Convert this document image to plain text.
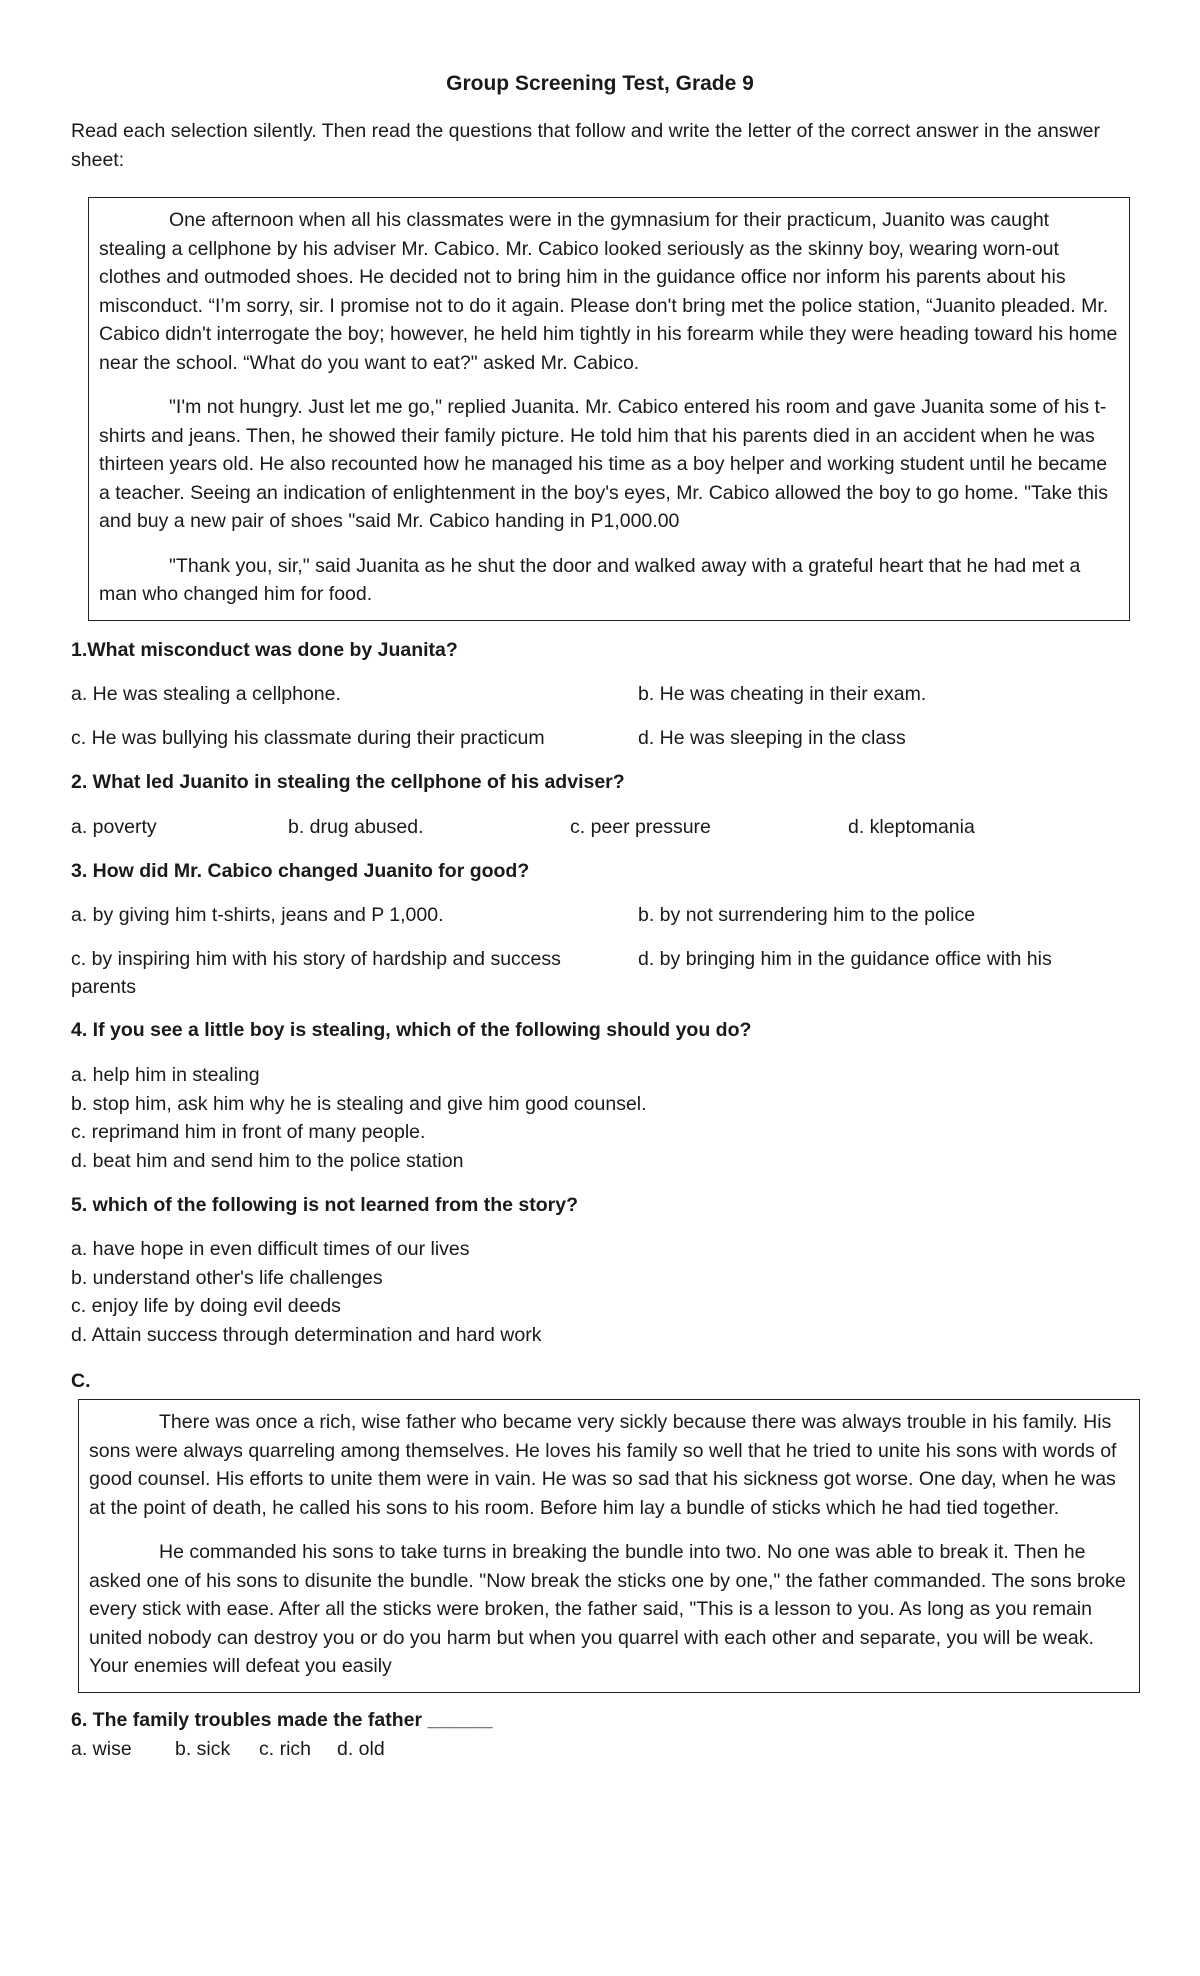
Group Screening Test, Grade 9
Read each selection silently. Then read the questions that follow and write the letter of the correct answer in the answer sheet:

One afternoon when all his classmates were in the gymnasium for their practicum, Juanito was caught stealing a cellphone by his adviser Mr. Cabico. Mr. Cabico looked seriously as the skinny boy, wearing worn-out clothes and outmoded shoes. He decided not to bring him in the guidance office nor inform his parents about his misconduct. “I’m sorry, sir. I promise not to do it again. Please don't bring met the police station, “Juanito pleaded. Mr. Cabico didn't interrogate the boy; however, he held him tightly in his forearm while they were heading toward his home near the school. “What do you want to eat?" asked Mr. Cabico.

"I'm not hungry. Just let me go," replied Juanita. Mr. Cabico entered his room and gave Juanita some of his t-shirts and jeans. Then, he showed their family picture. He told him that his parents died in an accident when he was thirteen years old. He also recounted how he managed his time as a boy helper and working student until he became a teacher. Seeing an indication of enlightenment in the boy's eyes, Mr. Cabico allowed the boy to go home. "Take this and buy a new pair of shoes "said Mr. Cabico handing in P1,000.00

"Thank you, sir," said Juanita as he shut the door and walked away with a grateful heart that he had met a man who changed him for food.

1.What misconduct was done by Juanita?
a. He was stealing a cellphone.	b. He was cheating in their exam.
c. He was bullying his classmate during their practicum	d. He was sleeping in the class
2. What led Juanito in stealing the cellphone of his adviser?
a. poverty	b. drug abused.	c. peer pressure	d. kleptomania
3. How did Mr. Cabico changed Juanito for good?
a. by giving him t-shirts, jeans and P 1,000.	b. by not surrendering him to the police
c. by inspiring him with his story of hardship and success	d. by bringing him in the guidance office with his
parents
4. If you see a little boy is stealing, which of the following should you do?
a. help him in stealing
b. stop him, ask him why he is stealing and give him good counsel.
c. reprimand him in front of many people.
d. beat him and send him to the police station
5. which of the following is not learned from the story?
a. have hope in even difficult times of our lives
b. understand other's life challenges
c. enjoy life by doing evil deeds
d. Attain success through determination and hard work
C.

There was once a rich, wise father who became very sickly because there was always trouble in his family. His sons were always quarreling among themselves. He loves his family so well that he tried to unite his sons with words of good counsel. His efforts to unite them were in vain. He was so sad that his sickness got worse. One day, when he was at the point of death, he called his sons to his room. Before him lay a bundle of sticks which he had tied together.

He commanded his sons to take turns in breaking the bundle into two. No one was able to break it. Then he asked one of his sons to disunite the bundle. "Now break the sticks one by one," the father commanded. The sons broke every stick with ease. After all the sticks were broken, the father said, "This is a lesson to you. As long as you remain united nobody can destroy you or do you harm but when you quarrel with each other and separate, you will be weak. Your enemies will defeat you easily

6. The family troubles made the father ______
a. wise b. sick c. rich d. old
